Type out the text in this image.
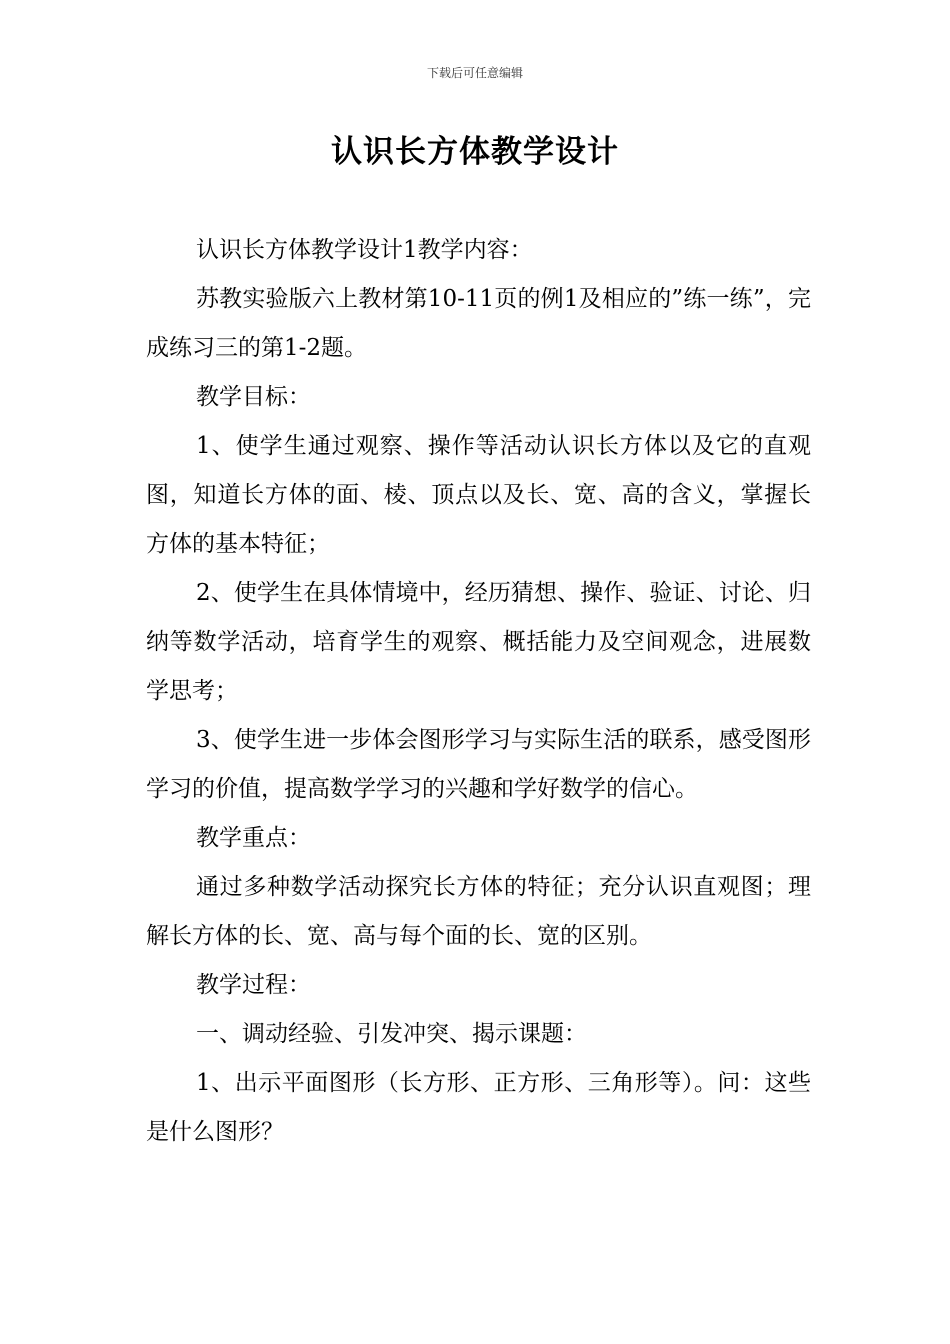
下载后可任意编辑
认识长方体教学设计

认识长方体教学设计1教学内容：

苏教实验版六上教材第10-11页的例1及相应的”练一练”，完成练习三的第1-2题。

教学目标：

1、使学生通过观察、操作等活动认识长方体以及它的直观图，知道长方体的面、棱、顶点以及长、宽、高的含义，掌握长方体的基本特征；

2、使学生在具体情境中，经历猜想、操作、验证、讨论、归纳等数学活动，培育学生的观察、概括能力及空间观念，进展数学思考；

3、使学生进一步体会图形学习与实际生活的联系，感受图形学习的价值，提高数学学习的兴趣和学好数学的信心。

教学重点：

通过多种数学活动探究长方体的特征；充分认识直观图；理解长方体的长、宽、高与每个面的长、宽的区别。

教学过程：

一、调动经验、引发冲突、揭示课题：

1、出示平面图形（长方形、正方形、三角形等）。问：这些是什么图形？
